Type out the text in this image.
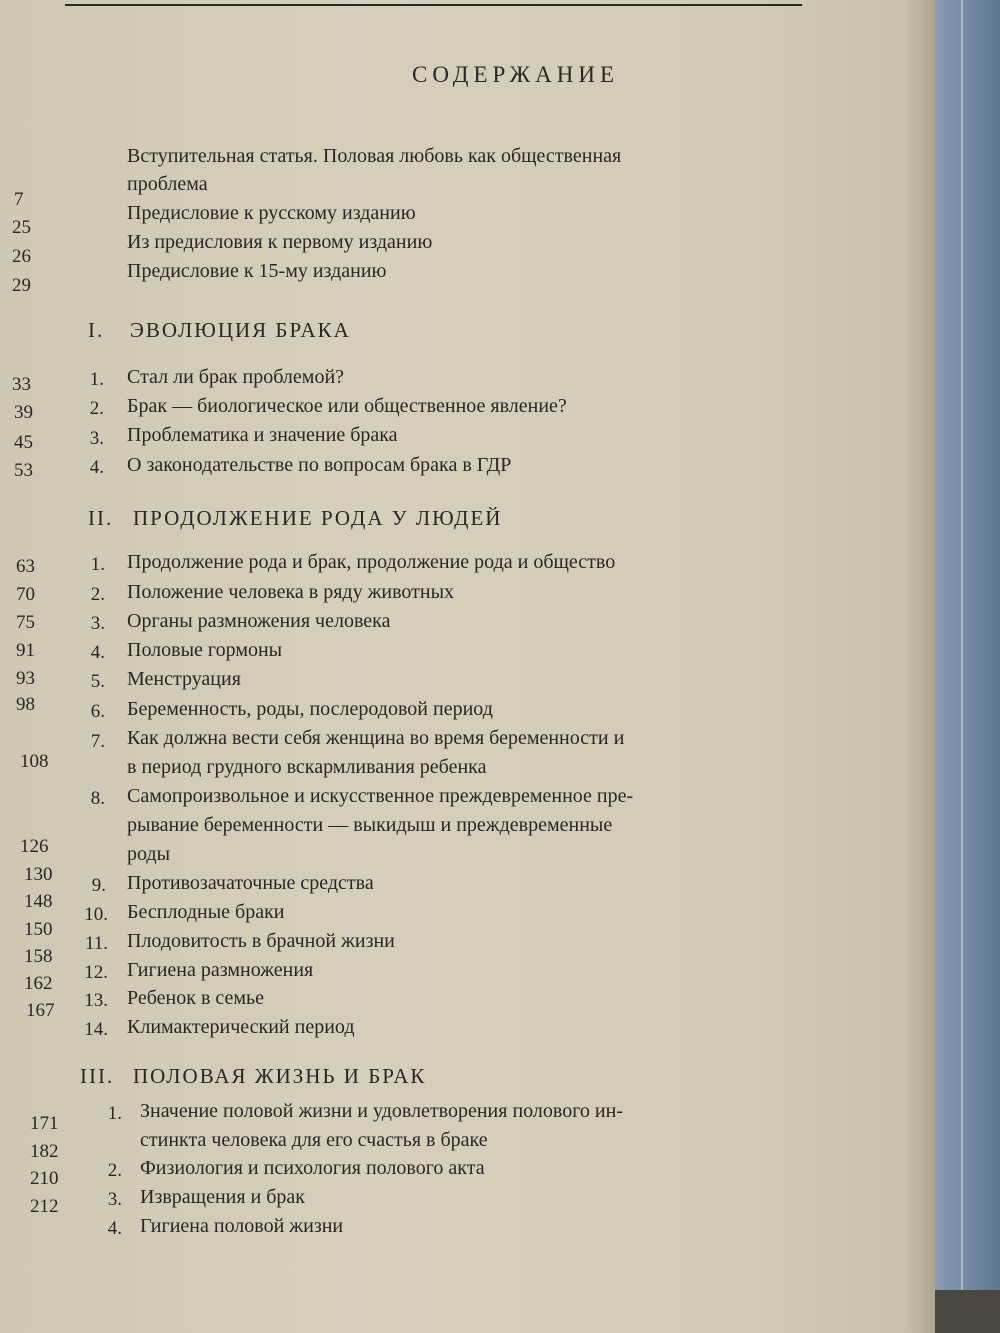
СОДЕРЖАНИЕ
Вступительная статья. Половая любовь как общественная
проблема
7
Предисловие к русскому изданию
25
Из предисловия к первому изданию
26
Предисловие к 15-му изданию
29
I. ЭВОЛЮЦИЯ БРАКА
1. Стал ли брак проблемой?
33
2. Брак — биологическое или общественное явление?
39
3. Проблематика и значение брака
45
4. О законодательстве по вопросам брака в ГДР
53
II. ПРОДОЛЖЕНИЕ РОДА У ЛЮДЕЙ
1. Продолжение рода и брак, продолжение рода и общество
63
2. Положение человека в ряду животных
70
3. Органы размножения человека
75
4. Половые гормоны
91
5. Менструация
93
6. Беременность, роды, послеродовой период
98
7. Как должна вести себя женщина во время беременности и
в период грудного вскармливания ребенка
108
8. Самопроизвольное и искусственное преждевременное пре-
рывание беременности — выкидыш и преждевременные
роды
126
9. Противозачаточные средства
130
10. Бесплодные браки
148
11. Плодовитость в брачной жизни
150
12. Гигиена размножения
158
13. Ребенок в семье
162
14. Климактерический период
167
III. ПОЛОВАЯ ЖИЗНЬ И БРАК
1. Значение половой жизни и удовлетворения полового ин-
стинкта человека для его счастья в браке
171
2. Физиология и психология полового акта
182
3. Извращения и брак
210
4. Гигиена половой жизни
212
